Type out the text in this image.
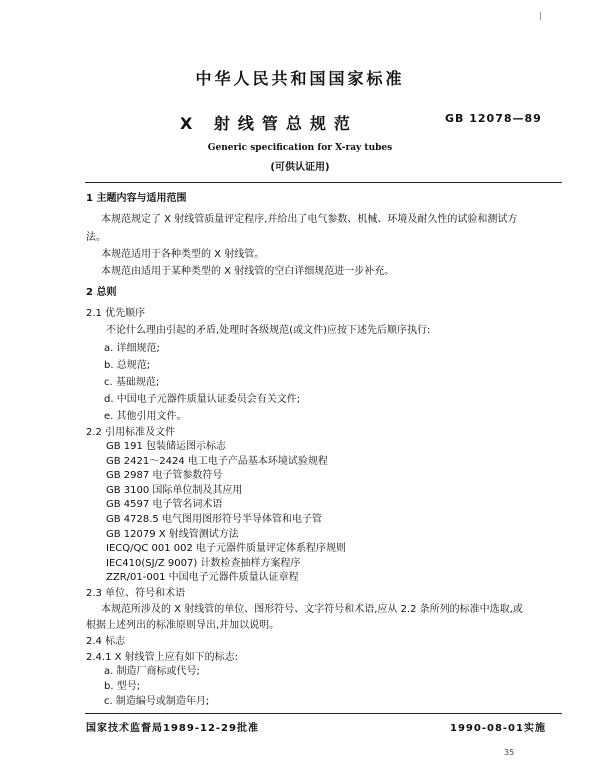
中华人民共和国国家标准
X 射线管总规范	GB 12078—89
Generic specification for X-ray tubes
(可供认证用)
1 主题内容与适用范围
本规范规定了 X 射线管质量评定程序,并给出了电气参数、机械、环境及耐久性的试验和测试方
法。
本规范适用于各种类型的 X 射线管。
本规范由适用于某种类型的 X 射线管的空白详细规范进一步补充。
2 总则
2.1 优先顺序
不论什么理由引起的矛盾,处理时各级规范(或文件)应按下述先后顺序执行:
a. 详细规范;
b. 总规范;
c. 基础规范;
d. 中国电子元器件质量认证委员会有关文件;
e. 其他引用文件。
2.2 引用标准及文件
GB 191 包装储运图示标志
GB 2421～2424 电工电子产品基本环境试验规程
GB 2987 电子管参数符号
GB 3100 国际单位制及其应用
GB 4597 电子管名词术语
GB 4728.5 电气图用图形符号半导体管和电子管
GB 12079 X 射线管测试方法
IECQ/QC 001 002 电子元器件质量评定体系程序规则
IEC410(SJ/Z 9007) 计数检查抽样方案程序
ZZR/01-001 中国电子元器件质量认证章程
2.3 单位、符号和术语
本规范所涉及的 X 射线管的单位、图形符号、文字符号和术语,应从 2.2 条所列的标准中选取,或
根据上述列出的标准原则导出,并加以说明。
2.4 标志
2.4.1 X 射线管上应有如下的标志:
a. 制造厂商标或代号;
国家技术监督局1989-12-29批准	1990-08-01实施
35
b. 型号;
c. 制造编号或制造年月;
